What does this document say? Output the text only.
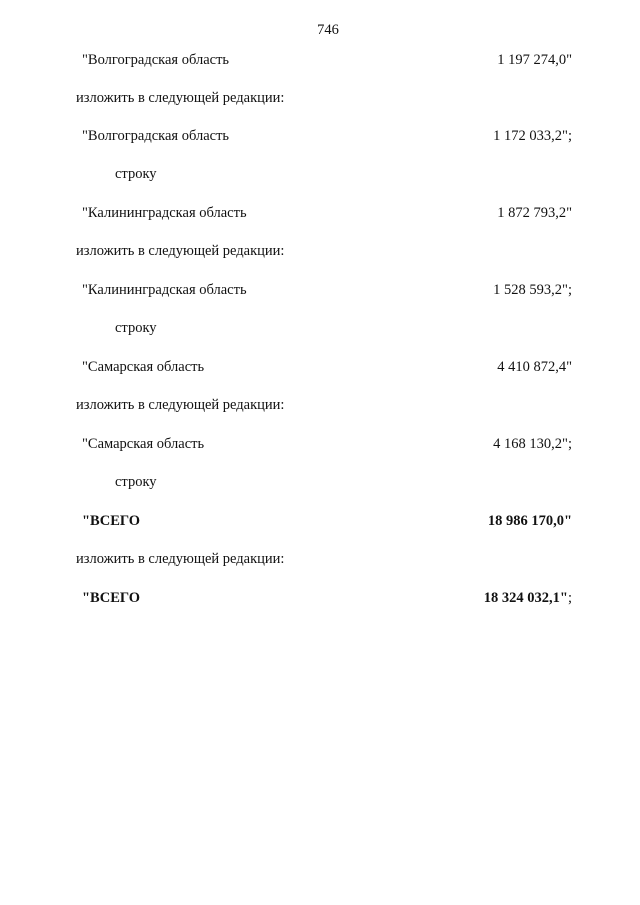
746
"Волгоградская область	1 197 274,0"
изложить в следующей редакции:
"Волгоградская область	1 172 033,2";
строку
"Калининградская область	1 872 793,2"
изложить в следующей редакции:
"Калининградская область	1 528 593,2";
строку
"Самарская область	4 410 872,4"
изложить в следующей редакции:
"Самарская область	4 168 130,2";
строку
"ВСЕГО	18 986 170,0"
изложить в следующей редакции:
"ВСЕГО	18 324 032,1";
